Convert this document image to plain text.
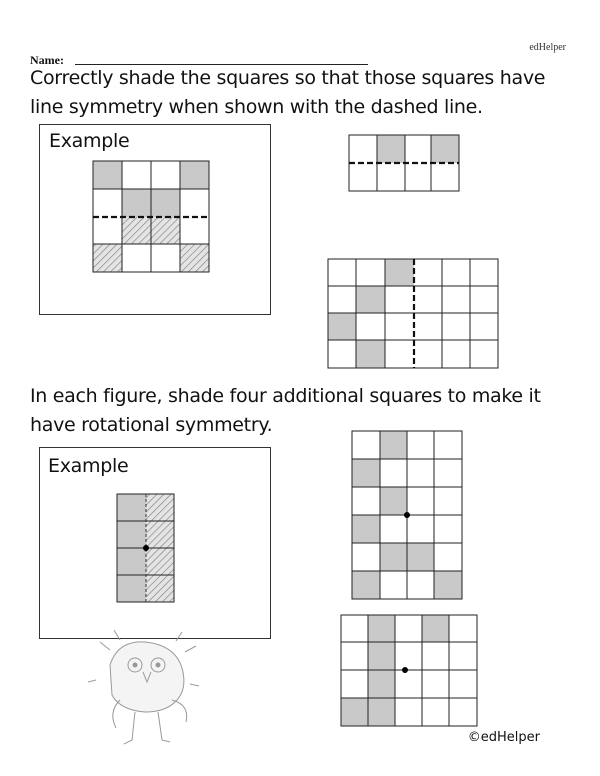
edHelper
Name:
Correctly shade the squares so that those squares have
line symmetry when shown with the dashed line.
Example
In each figure, shade four additional squares to make it
have rotational symmetry.
Example
©edHelper
